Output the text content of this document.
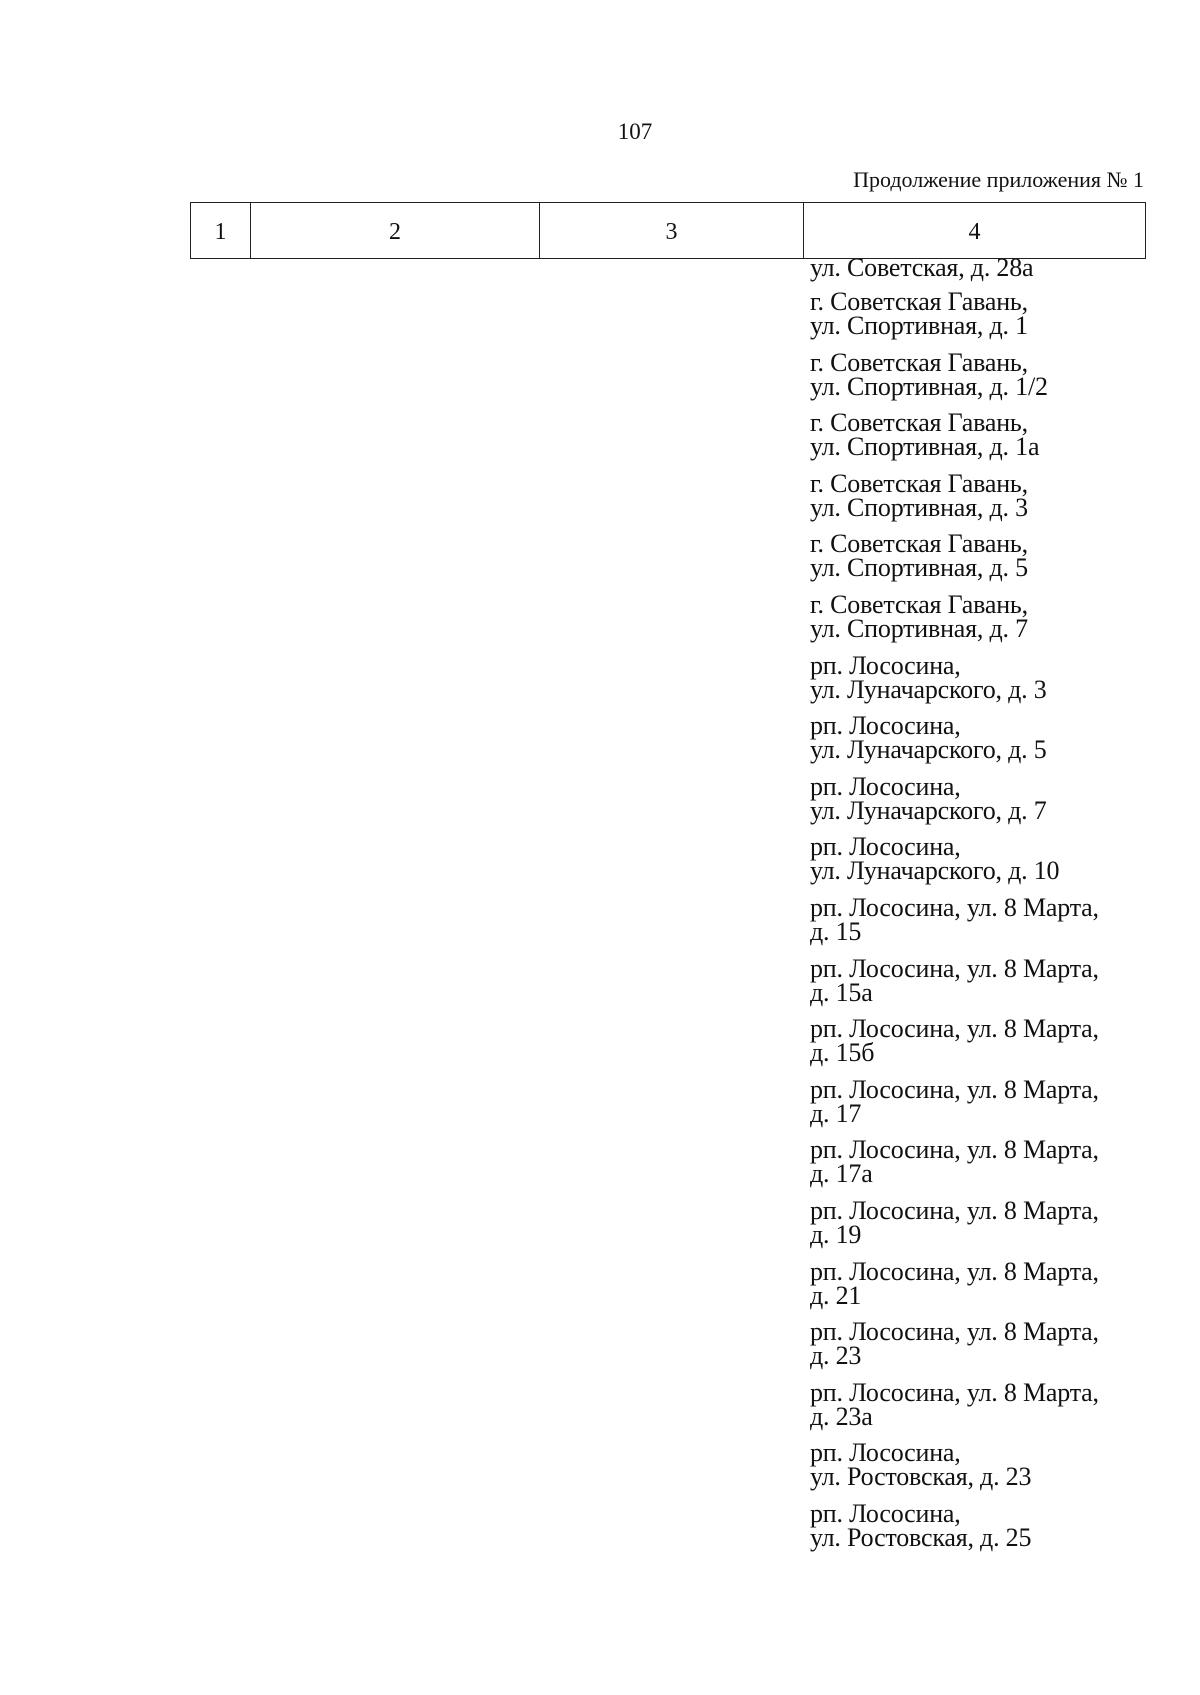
107
Продолжение приложения № 1
1	2	3	4
ул. Советская, д. 28а
г. Советская Гавань,
ул. Спортивная, д. 1
г. Советская Гавань,
ул. Спортивная, д. 1/2
г. Советская Гавань,
ул. Спортивная, д. 1а
г. Советская Гавань,
ул. Спортивная, д. 3
г. Советская Гавань,
ул. Спортивная, д. 5
г. Советская Гавань,
ул. Спортивная, д. 7
рп. Лососина,
ул. Луначарского, д. 3
рп. Лососина,
ул. Луначарского, д. 5
рп. Лососина,
ул. Луначарского, д. 7
рп. Лососина,
ул. Луначарского, д. 10
рп. Лососина, ул. 8 Марта,
д. 15
рп. Лососина, ул. 8 Марта,
д. 15а
рп. Лососина, ул. 8 Марта,
д. 15б
рп. Лососина, ул. 8 Марта,
д. 17
рп. Лососина, ул. 8 Марта,
д. 17а
рп. Лососина, ул. 8 Марта,
д. 19
рп. Лососина, ул. 8 Марта,
д. 21
рп. Лососина, ул. 8 Марта,
д. 23
рп. Лососина, ул. 8 Марта,
д. 23а
рп. Лососина,
ул. Ростовская, д. 23
рп. Лососина,
ул. Ростовская, д. 25
